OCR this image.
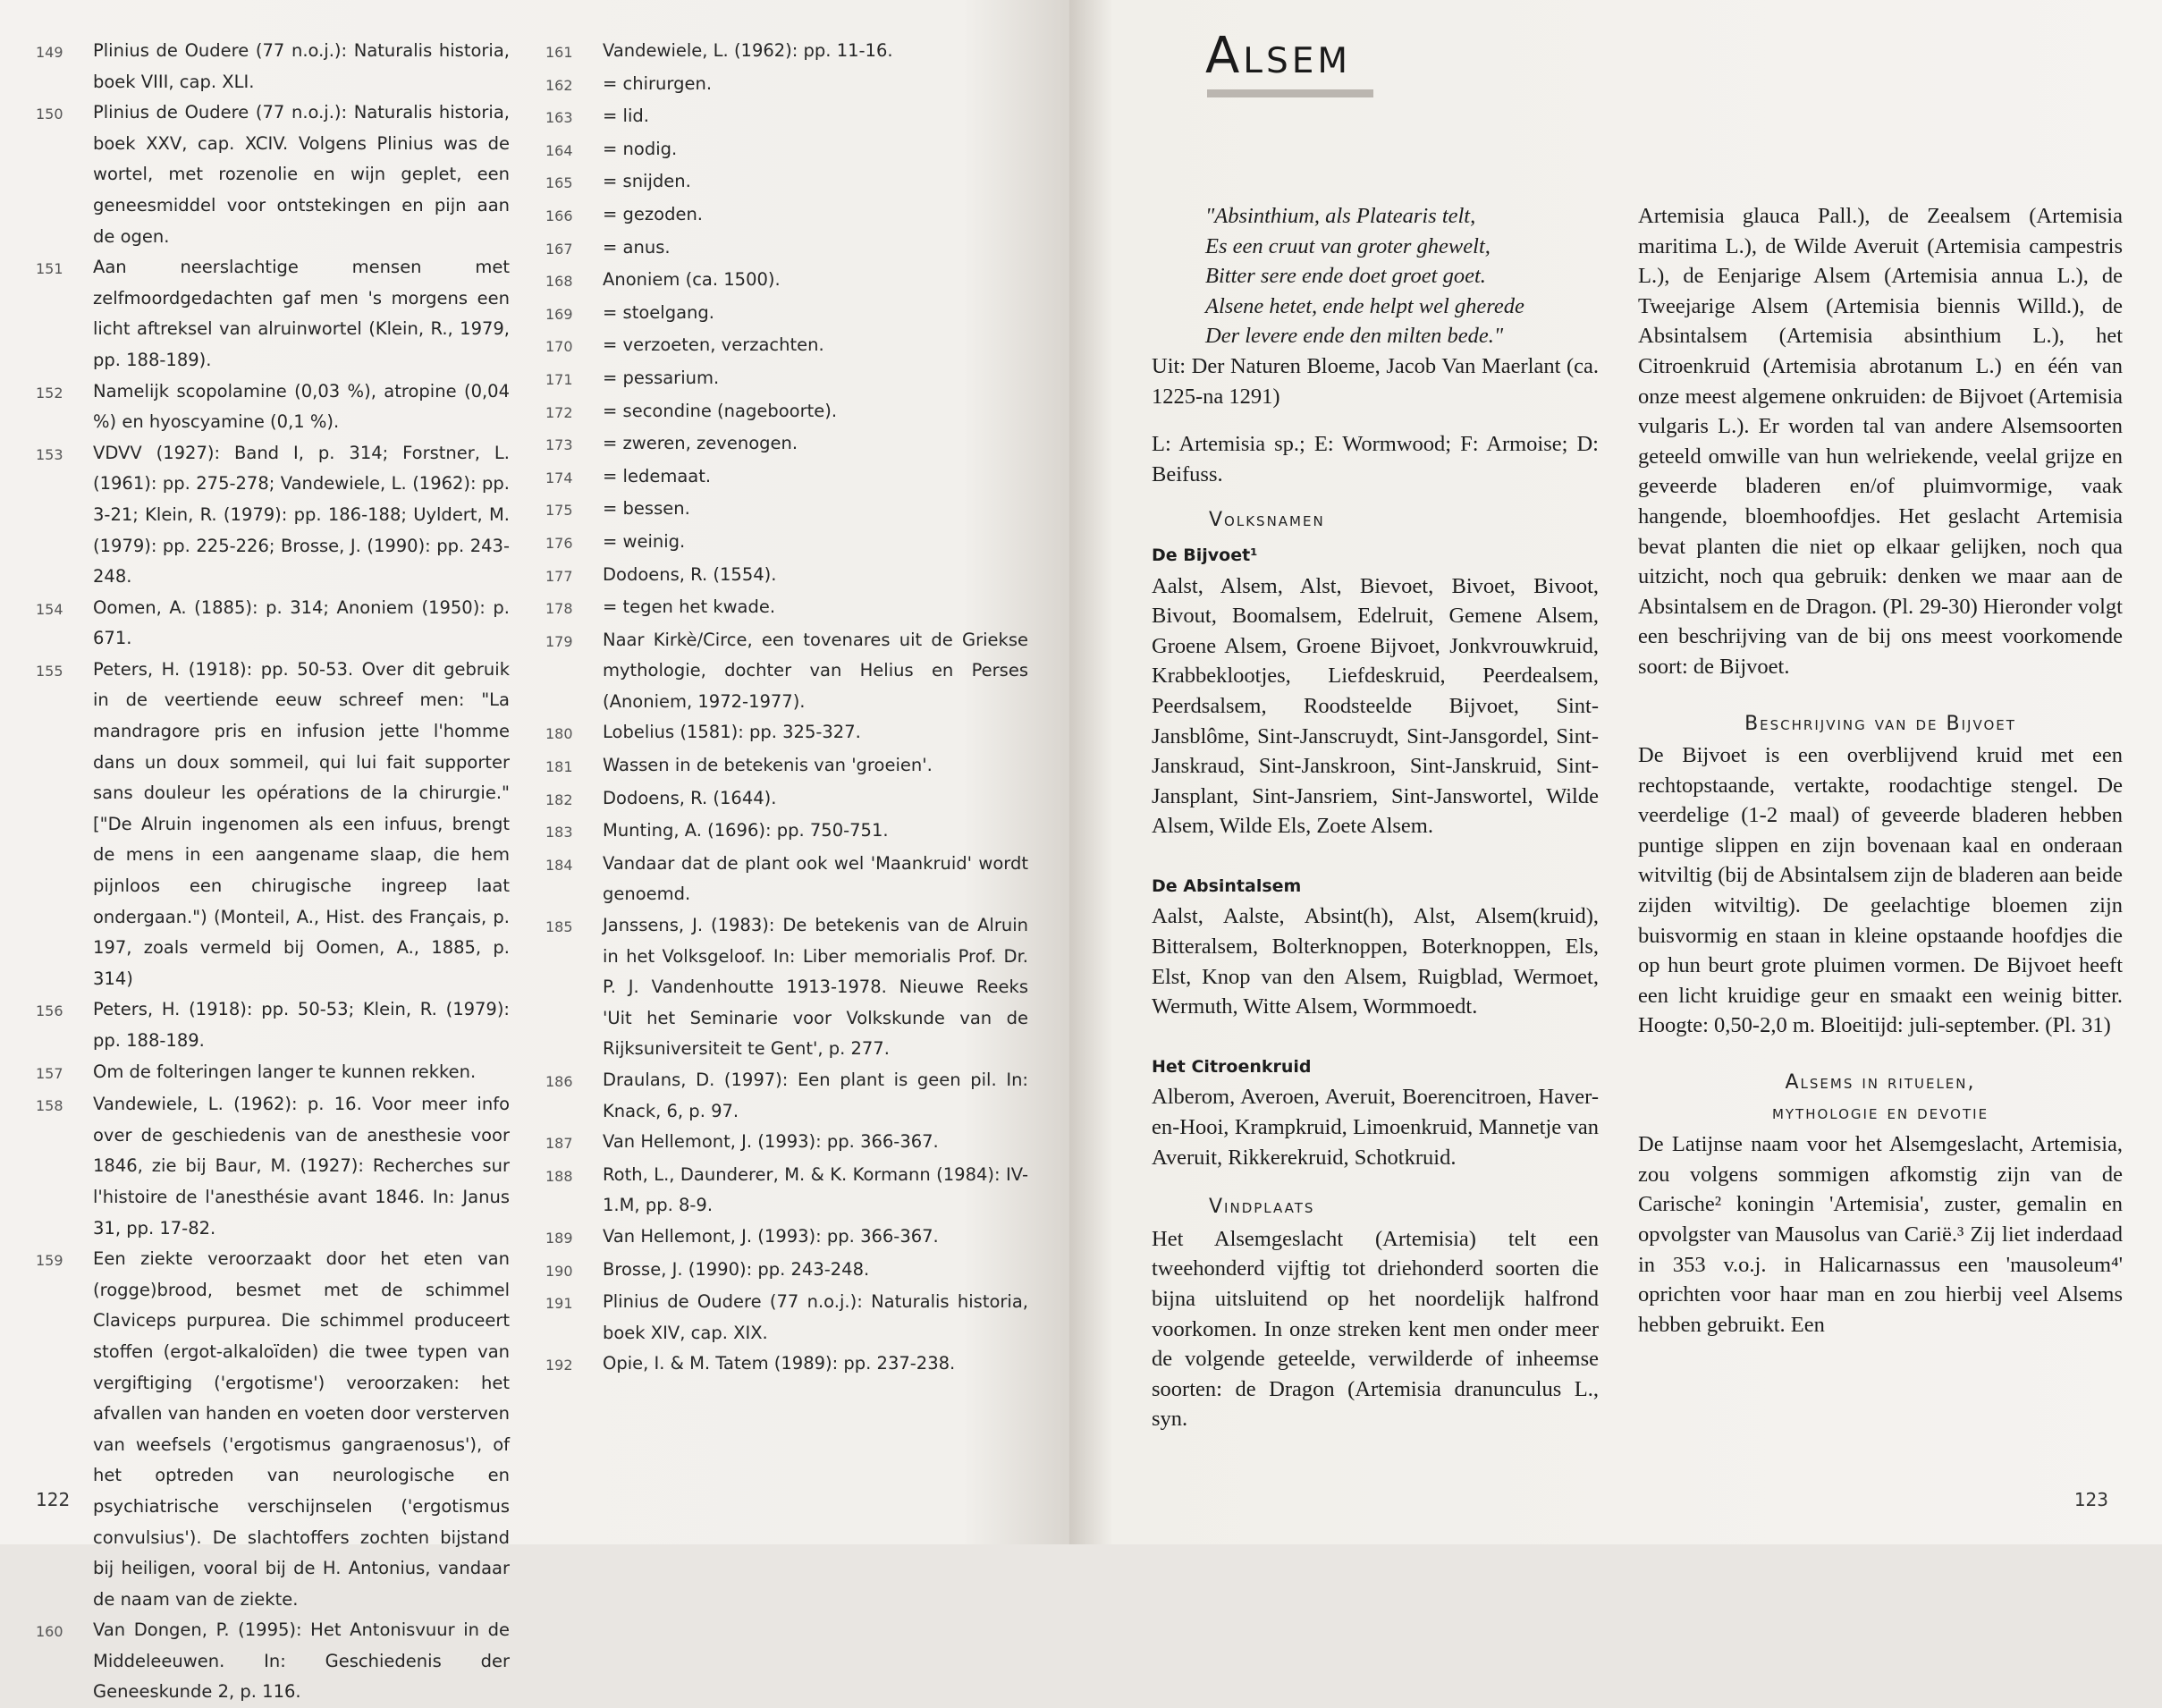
149	Plinius de Oudere (77 n.o.j.): Naturalis historia, boek VIII, cap. XLI.
150	Plinius de Oudere (77 n.o.j.): Naturalis historia, boek XXV, cap. XCIV. Volgens Plinius was de wortel, met rozenolie en wijn geplet, een geneesmiddel voor ontstekingen en pijn aan de ogen.
151	Aan neerslachtige mensen met zelfmoordgedachten gaf men 's morgens een licht aftreksel van alruinwortel (Klein, R., 1979, pp. 188-189).
152	Namelijk scopolamine (0,03 %), atropine (0,04 %) en hyoscyamine (0,1 %).
153	VDVV (1927): Band I, p. 314; Forstner, L. (1961): pp. 275-278; Vandewiele, L. (1962): pp. 3-21; Klein, R. (1979): pp. 186-188; Uyldert, M. (1979): pp. 225-226; Brosse, J. (1990): pp. 243-248.
154	Oomen, A. (1885): p. 314; Anoniem (1950): p. 671.
155	Peters, H. (1918): pp. 50-53. Over dit gebruik in de veertiende eeuw schreef men: "La mandragore pris en infusion jette l'homme dans un doux sommeil, qui lui fait supporter sans douleur les opérations de la chirurgie." ["De Alruin ingenomen als een infuus, brengt de mens in een aangename slaap, die hem pijnloos een chirugische ingreep laat ondergaan.") (Monteil, A., Hist. des Français, p. 197, zoals vermeld bij Oomen, A., 1885, p. 314)
156	Peters, H. (1918): pp. 50-53; Klein, R. (1979): pp. 188-189.
157	Om de folteringen langer te kunnen rekken.
158	Vandewiele, L. (1962): p. 16. Voor meer info over de geschiedenis van de anesthesie voor 1846, zie bij Baur, M. (1927): Recherches sur l'histoire de l'anesthésie avant 1846. In: Janus 31, pp. 17-82.
159	Een ziekte veroorzaakt door het eten van (rogge)brood, besmet met de schimmel Claviceps purpurea. Die schimmel produceert stoffen (ergot-alkaloïden) die twee typen van vergiftiging ('ergotisme') veroorzaken: het afvallen van handen en voeten door versterven van weefsels ('ergotismus gangraenosus'), of het optreden van neurologische en psychiatrische verschijnselen ('ergotismus convulsius'). De slachtoffers zochten bijstand bij heiligen, vooral bij de H. Antonius, vandaar de naam van de ziekte.
160	Van Dongen, P. (1995): Het Antonisvuur in de Middeleeuwen. In: Geschiedenis der Geneeskunde 2, p. 116.
161	Vandewiele, L. (1962): pp. 11-16.
162	= chirurgen.
163	= lid.
164	= nodig.
165	= snijden.
166	= gezoden.
167	= anus.
168	Anoniem (ca. 1500).
169	= stoelgang.
170	= verzoeten, verzachten.
171	= pessarium.
172	= secondine (nageboorte).
173	= zweren, zevenogen.
174	= ledemaat.
175	= bessen.
176	= weinig.
177	Dodoens, R. (1554).
178	= tegen het kwade.
179	Naar Kirkè/Circe, een tovenares uit de Griekse mythologie, dochter van Helius en Perses (Anoniem, 1972-1977).
180	Lobelius (1581): pp. 325-327.
181	Wassen in de betekenis van 'groeien'.
182	Dodoens, R. (1644).
183	Munting, A. (1696): pp. 750-751.
184	Vandaar dat de plant ook wel 'Maankruid' wordt genoemd.
185	Janssens, J. (1983): De betekenis van de Alruin in het Volksgeloof. In: Liber memorialis Prof. Dr. P. J. Vandenhoutte 1913-1978. Nieuwe Reeks 'Uit het Seminarie voor Volkskunde van de Rijksuniversiteit te Gent', p. 277.
186	Draulans, D. (1997): Een plant is geen pil. In: Knack, 6, p. 97.
187	Van Hellemont, J. (1993): pp. 366-367.
188	Roth, L., Daunderer, M. & K. Kormann (1984): IV-1.M, pp. 8-9.
189	Van Hellemont, J. (1993): pp. 366-367.
190	Brosse, J. (1990): pp. 243-248.
191	Plinius de Oudere (77 n.o.j.): Naturalis historia, boek XIV, cap. XIX.
192	Opie, I. & M. Tatem (1989): pp. 237-238.
122
Alsem
"Absinthium, als Platearis telt,
Es een cruut van groter ghewelt,
Bitter sere ende doet groet goet.
Alsene hetet, ende helpt wel gherede
Der levere ende den milten bede."

Uit: Der Naturen Bloeme, Jacob Van Maerlant (ca. 1225-na 1291)

L: Artemisia sp.; E: Wormwood; F: Armoise; D: Beifuss.

Volksnamen
De Bijvoet¹

Aalst, Alsem, Alst, Bievoet, Bivoet, Bivoot, Bivout, Boomalsem, Edelruit, Gemene Alsem, Groene Alsem, Groene Bijvoet, Jonkvrouwkruid, Krabbeklootjes, Liefdeskruid, Peerdealsem, Peerdsalsem, Roodsteelde Bijvoet, Sint-Jansblôme, Sint-Janscruydt, Sint-Jansgordel, Sint-Janskraud, Sint-Janskroon, Sint-Janskruid, Sint-Jansplant, Sint-Jansriem, Sint-Janswortel, Wilde Alsem, Wilde Els, Zoete Alsem.

De Absintalsem

Aalst, Aalste, Absint(h), Alst, Alsem(kruid), Bitteralsem, Bolterknoppen, Boterknoppen, Els, Elst, Knop van den Alsem, Ruigblad, Wermoet, Wermuth, Witte Alsem, Wormmoedt.

Het Citroenkruid

Alberom, Averoen, Averuit, Boerencitroen, Haver-en-Hooi, Krampkruid, Limoenkruid, Mannetje van Averuit, Rikkerekruid, Schotkruid.

Vindplaats

Het Alsemgeslacht (Artemisia) telt een tweehonderd vijftig tot driehonderd soorten die bijna uitsluitend op het noordelijk halfrond voorkomen. In onze streken kent men onder meer de volgende geteelde, verwilderde of inheemse soorten: de Dragon (Artemisia dranunculus L., syn.

Artemisia glauca Pall.), de Zeealsem (Artemisia maritima L.), de Wilde Averuit (Artemisia campestris L.), de Eenjarige Alsem (Artemisia annua L.), de Tweejarige Alsem (Artemisia biennis Willd.), de Absintalsem (Artemisia absinthium L.), het Citroenkruid (Artemisia abrotanum L.) en één van onze meest algemene onkruiden: de Bijvoet (Artemisia vulgaris L.). Er worden tal van andere Alsemsoorten geteeld omwille van hun welriekende, veelal grijze en geveerde bladeren en/of pluimvormige, vaak hangende, bloemhoofdjes. Het geslacht Artemisia bevat planten die niet op elkaar gelijken, noch qua uitzicht, noch qua gebruik: denken we maar aan de Absintalsem en de Dragon. (Pl. 29-30) Hieronder volgt een beschrijving van de bij ons meest voorkomende soort: de Bijvoet.

Beschrijving van de Bijvoet

De Bijvoet is een overblijvend kruid met een rechtopstaande, vertakte, roodachtige stengel. De veerdelige (1-2 maal) of geveerde bladeren hebben puntige slippen en zijn bovenaan kaal en onderaan witviltig (bij de Absintalsem zijn de bladeren aan beide zijden witviltig). De geelachtige bloemen zijn buisvormig en staan in kleine opstaande hoofdjes die op hun beurt grote pluimen vormen. De Bijvoet heeft een licht kruidige geur en smaakt een weinig bitter. Hoogte: 0,50-2,0 m. Bloeitijd: juli-september. (Pl. 31)

Alsems in rituelen,
mythologie en devotie

De Latijnse naam voor het Alsemgeslacht, Artemisia, zou volgens sommigen afkomstig zijn van de Carische² koningin 'Artemisia', zuster, gemalin en opvolgster van Mausolus van Carië.³ Zij liet inderdaad in 353 v.o.j. in Halicarnassus een 'mausoleum⁴' oprichten voor haar man en zou hierbij veel Alsems hebben gebruikt. Een

123
